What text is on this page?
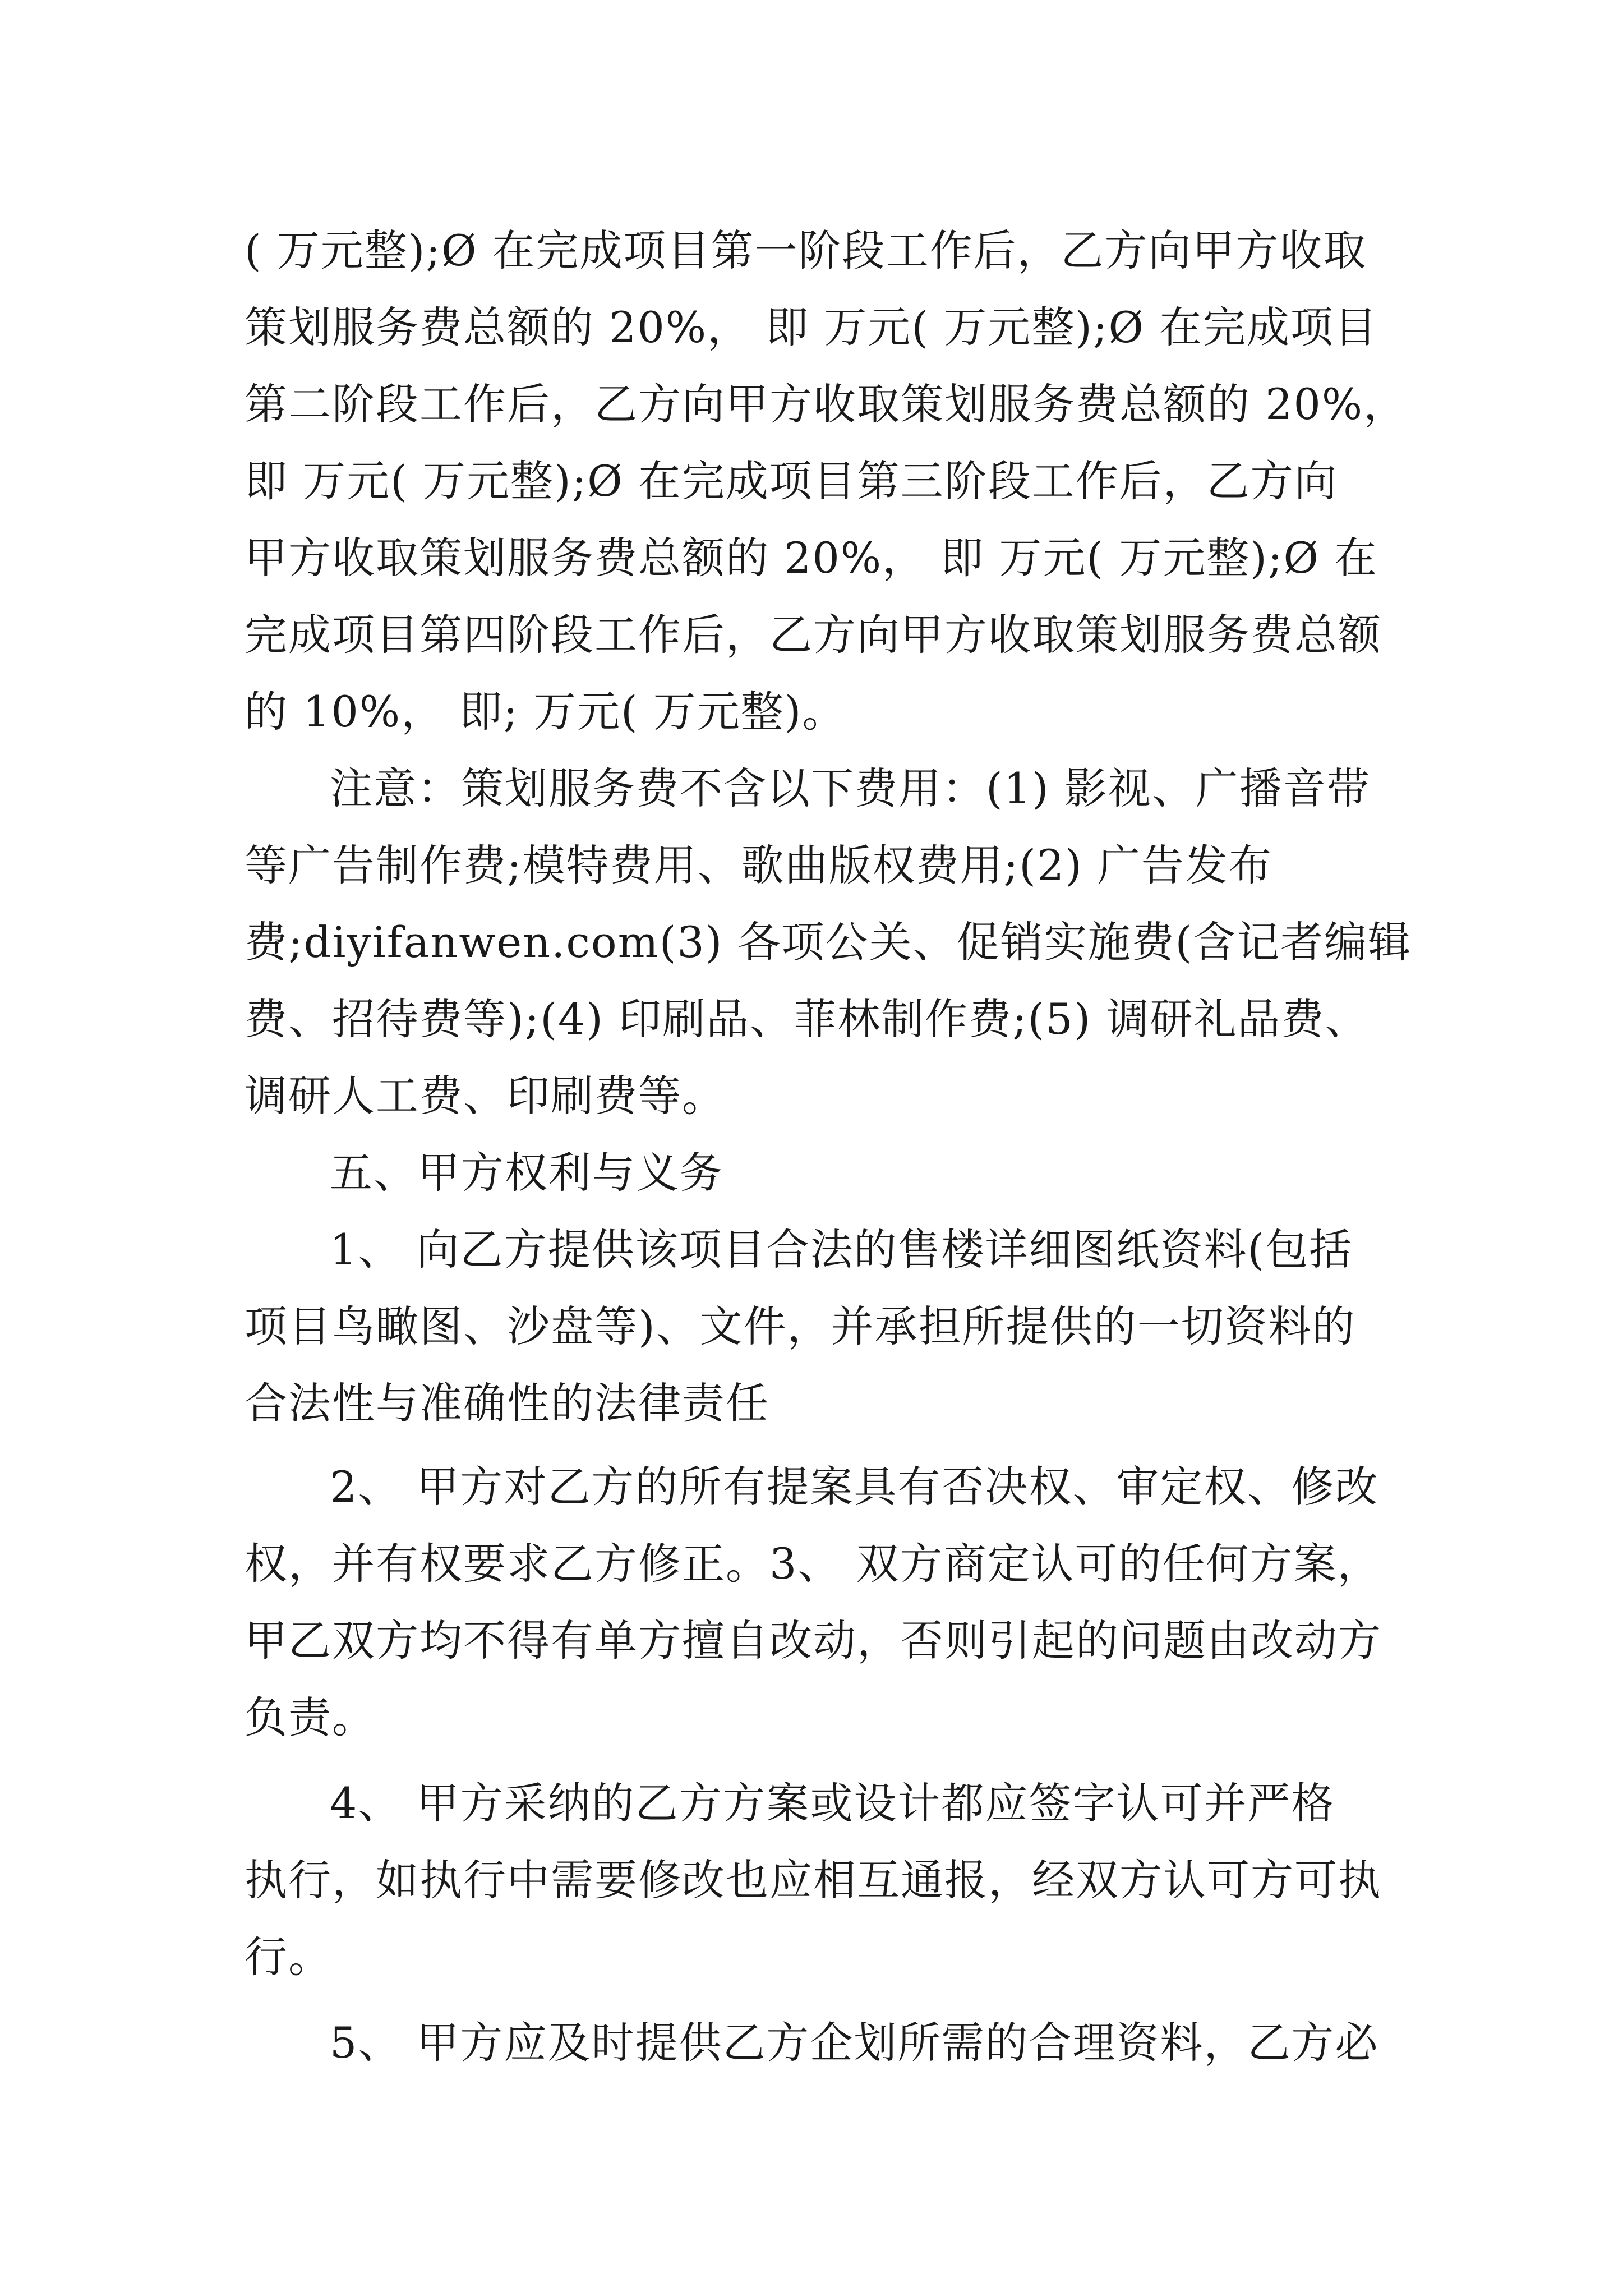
( 万元整);Ø 在完成项目第一阶段工作后，乙方向甲方收取
策划服务费总额的 20%， 即 万元( 万元整);Ø 在完成项目
第二阶段工作后，乙方向甲方收取策划服务费总额的 20%，
即 万元( 万元整);Ø 在完成项目第三阶段工作后，乙方向
甲方收取策划服务费总额的 20%， 即 万元( 万元整);Ø 在
完成项目第四阶段工作后，乙方向甲方收取策划服务费总额
的 10%， 即; 万元( 万元整)。

注意：策划服务费不含以下费用：(1) 影视、广播音带
等广告制作费;模特费用、歌曲版权费用;(2) 广告发布
费;diyifanwen.com(3) 各项公关、促销实施费(含记者编辑
费、招待费等);(4) 印刷品、菲林制作费;(5) 调研礼品费、
调研人工费、印刷费等。

五、甲方权利与义务

1、 向乙方提供该项目合法的售楼详细图纸资料(包括
项目鸟瞰图、沙盘等)、文件，并承担所提供的一切资料的
合法性与准确性的法律责任

2、 甲方对乙方的所有提案具有否决权、审定权、修改
权，并有权要求乙方修正。3、 双方商定认可的任何方案，
甲乙双方均不得有单方擅自改动，否则引起的问题由改动方
负责。

4、 甲方采纳的乙方方案或设计都应签字认可并严格
执行，如执行中需要修改也应相互通报，经双方认可方可执
行。

5、 甲方应及时提供乙方企划所需的合理资料，乙方必
